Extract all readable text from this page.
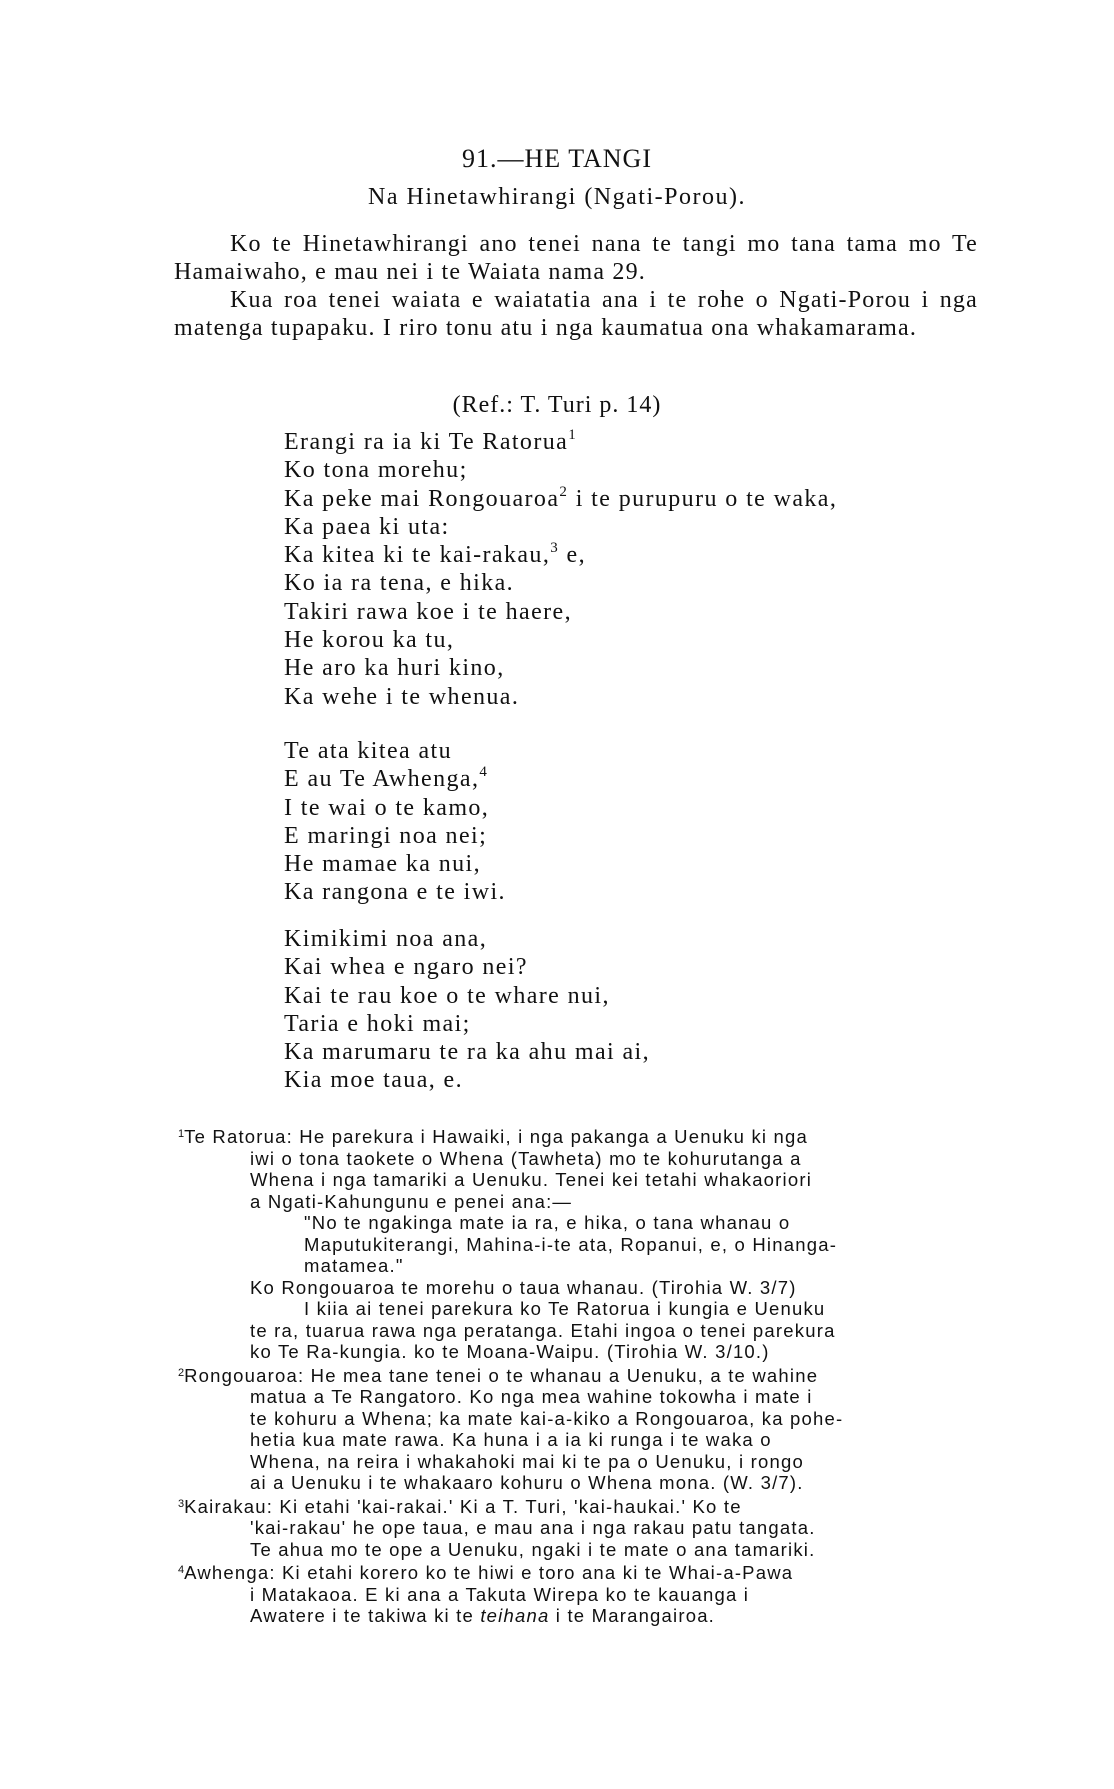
91.—HE TANGI
Na Hinetawhirangi (Ngati-Porou).

Ko te Hinetawhirangi ano tenei nana te tangi mo tana tama mo Te Hamaiwaho, e mau nei i te Waiata nama 29.

Kua roa tenei waiata e waiatatia ana i te rohe o Ngati-Porou i nga matenga tupapaku. I riro tonu atu i nga kaumatua ona whakamarama.

(Ref.: T. Turi p. 14)
Erangi ra ia ki Te Ratorua$^1$
Ko tona morehu;
Ka peke mai Rongouaroa$^2$ i te purupuru o te waka,
Ka paea ki uta:
Ka kitea ki te kai-rakau,$^3$ e,
Ko ia ra tena, e hika.
Takiri rawa koe i te haere,
He korou ka tu,
He aro ka huri kino,
Ka wehe i te whenua.
Te ata kitea atu
E au Te Awhenga,$^4$
I te wai o te kamo,
E maringi noa nei;
He mamae ka nui,
Ka rangona e te iwi.
Kimikimi noa ana,
Kai whea e ngaro nei?
Kai te rau koe o te whare nui,
Taria e hoki mai;
Ka marumaru te ra ka ahu mai ai,
Kia moe taua, e.
$^1$Te Ratorua: He parekura i Hawaiki, i nga pakanga a Uenuku ki nga
iwi o tona taokete o Whena (Tawheta) mo te kohurutanga a
Whena i nga tamariki a Uenuku. Tenei kei tetahi whakaoriori
a Ngati-Kahungunu e penei ana:—
"No te ngakinga mate ia ra, e hika, o tana whanau o
Maputukiterangi, Mahina-i-te ata, Ropanui, e, o Hinanga-
matamea."
Ko Rongouaroa te morehu o taua whanau. (Tirohia W. 3/7)
I kiia ai tenei parekura ko Te Ratorua i kungia e Uenuku
te ra, tuarua rawa nga peratanga. Etahi ingoa o tenei parekura
ko Te Ra-kungia. ko te Moana-Waipu. (Tirohia W. 3/10.)
$^2$Rongouaroa: He mea tane tenei o te whanau a Uenuku, a te wahine
matua a Te Rangatoro. Ko nga mea wahine tokowha i mate i
te kohuru a Whena; ka mate kai-a-kiko a Rongouaroa, ka pohe-
hetia kua mate rawa. Ka huna i a ia ki runga i te waka o
Whena, na reira i whakahoki mai ki te pa o Uenuku, i rongo
ai a Uenuku i te whakaaro kohuru o Whena mona. (W. 3/7).
$^3$Kairakau: Ki etahi 'kai-rakai.' Ki a T. Turi, 'kai-haukai.' Ko te
'kai-rakau' he ope taua, e mau ana i nga rakau patu tangata.
Te ahua mo te ope a Uenuku, ngaki i te mate o ana tamariki.
$^4$Awhenga: Ki etahi korero ko te hiwi e toro ana ki te Whai-a-Pawa
i Matakaoa. E ki ana a Takuta Wirepa ko te kauanga i
Awatere i te takiwa ki te teihana i te Marangairoa.
